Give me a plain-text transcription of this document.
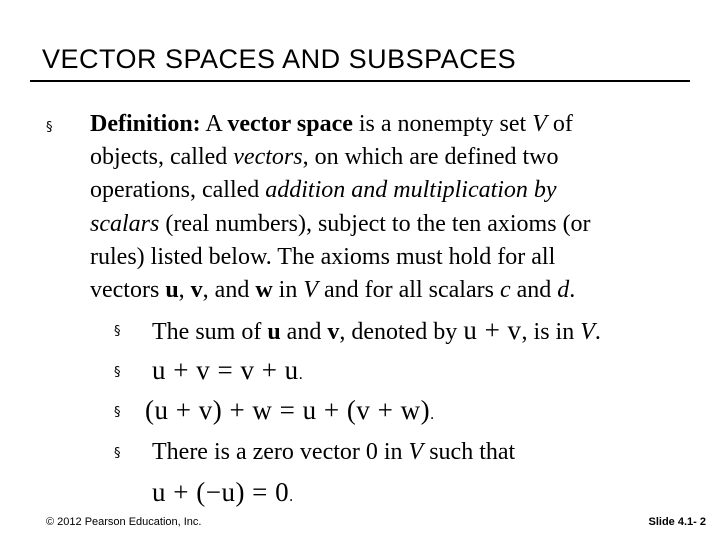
VECTOR SPACES AND SUBSPACES
§ Definition: A vector space is a nonempty set V of
objects, called vectors, on which are defined two
operations, called addition and multiplication by
scalars (real numbers), subject to the ten axioms (or
rules) listed below. The axioms must hold for all
vectors u, v, and w in V and for all scalars c and d.
§ The sum of u and v, denoted by u + v, is in V.
§ u + v = v + u.
§ (u + v) + w = u + (v + w).
§ There is a zero vector 0 in V such that
u + (−u) = 0.
© 2012 Pearson Education, Inc.	Slide 4.1- 2
